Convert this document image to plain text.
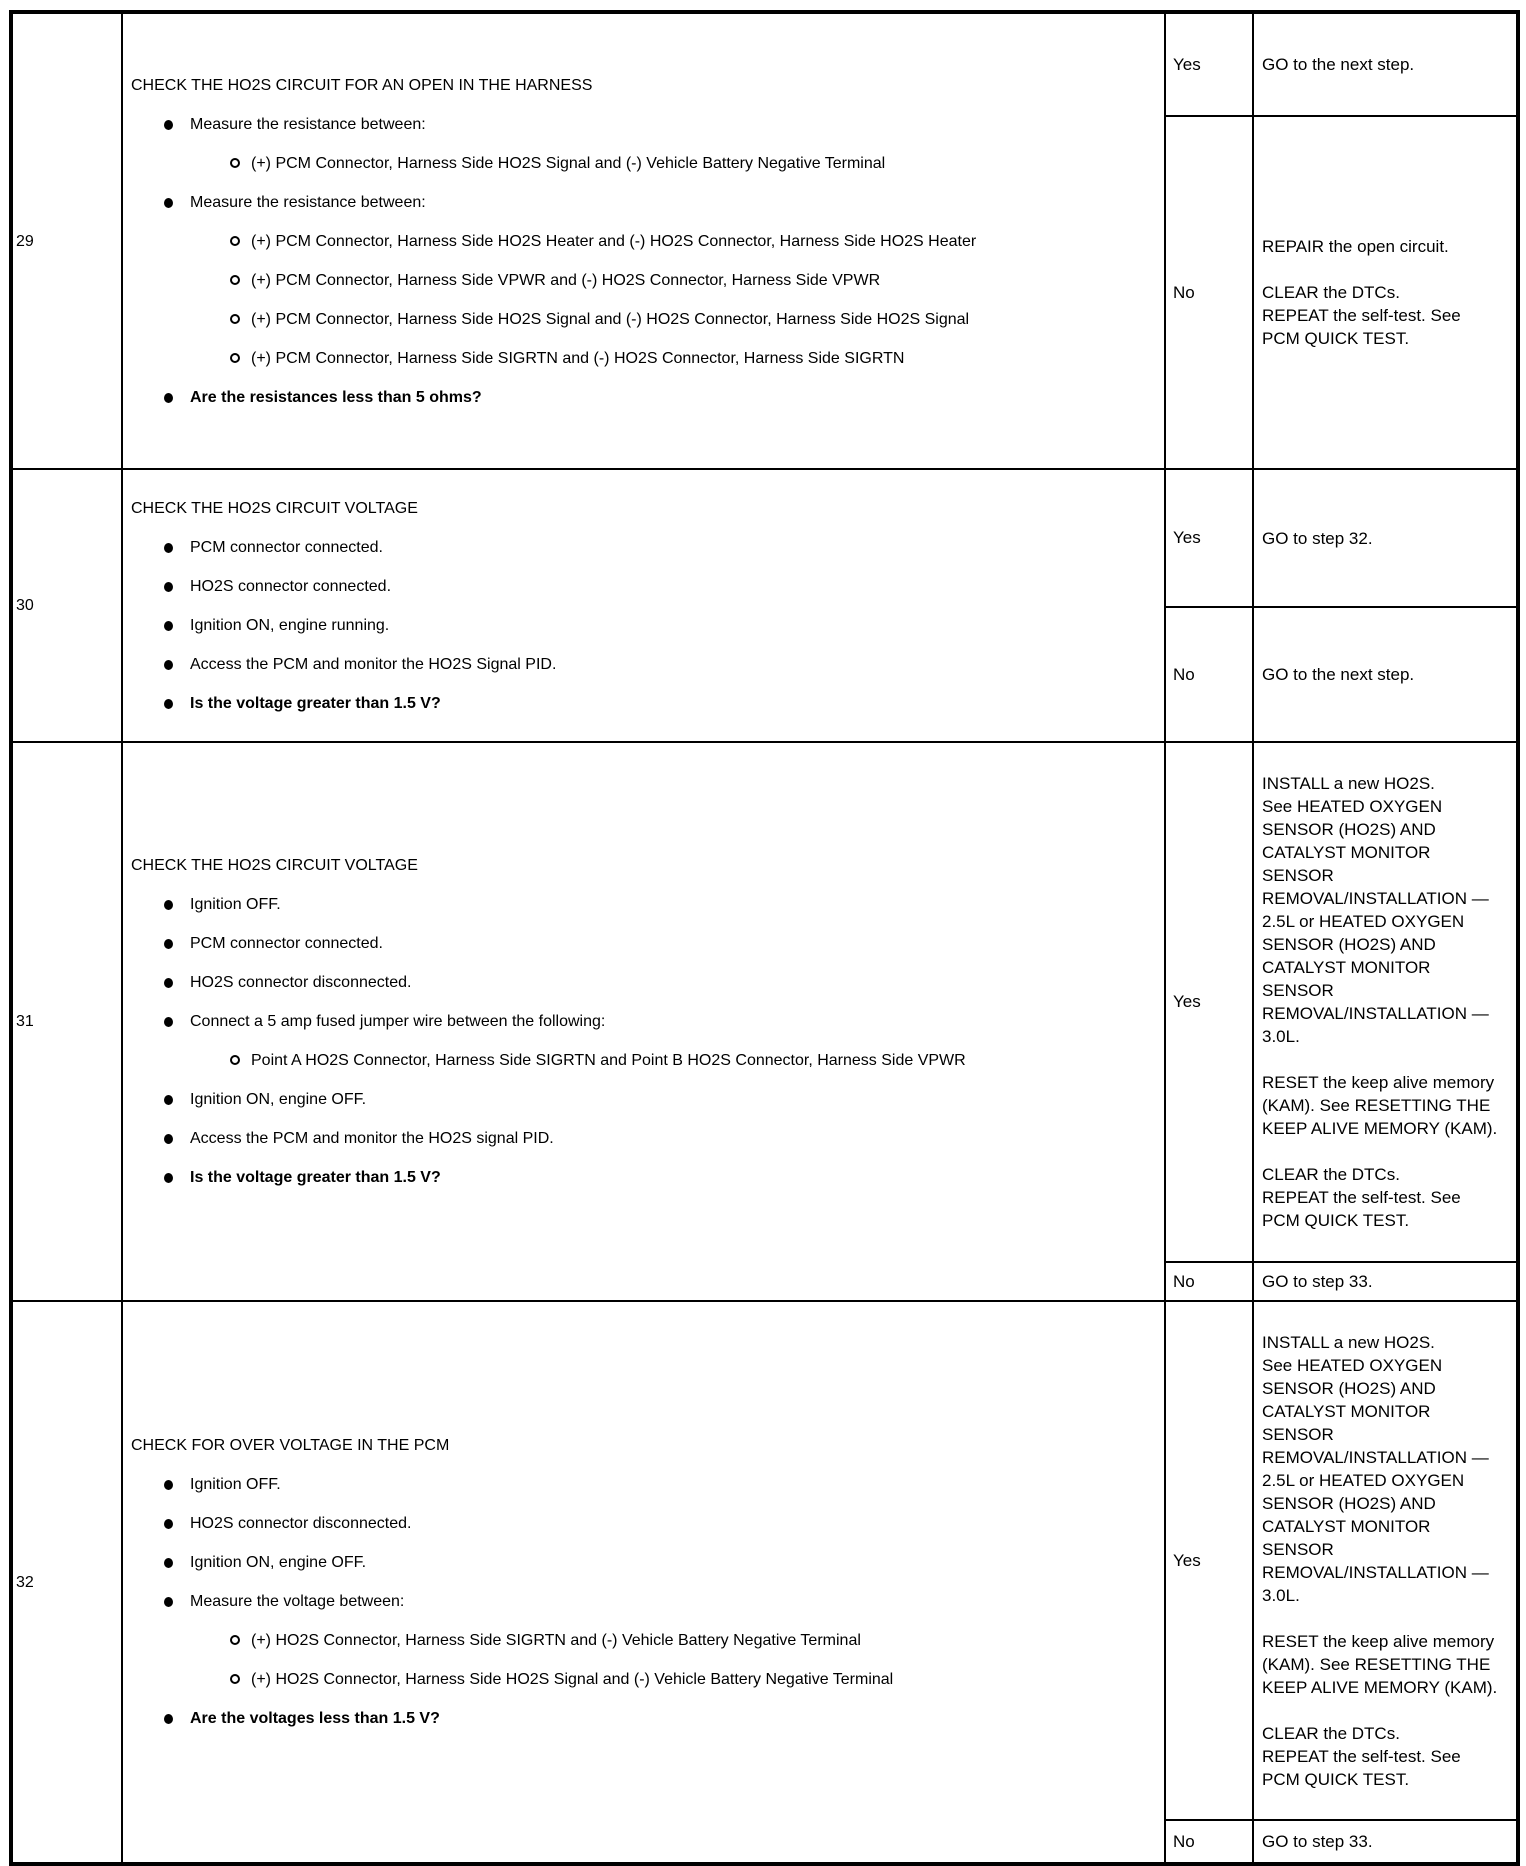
29	
CHECK THE HO2S CIRCUIT FOR AN OPEN IN THE HARNESS
Measure the resistance between:
(+) PCM Connector, Harness Side HO2S Signal and (-) Vehicle Battery Negative Terminal
Measure the resistance between:
(+) PCM Connector, Harness Side HO2S Heater and (-) HO2S Connector, Harness Side HO2S Heater
(+) PCM Connector, Harness Side VPWR and (-) HO2S Connector, Harness Side VPWR
(+) PCM Connector, Harness Side HO2S Signal and (-) HO2S Connector, Harness Side HO2S Signal
(+) PCM Connector, Harness Side SIGRTN and (-) HO2S Connector, Harness Side SIGRTN
Are the resistances less than 5 ohms?
	Yes	GO to the next step.

		No	REPAIR the open circuit.
CLEAR the DTCs.
REPEAT the self-test. See PCM QUICK TEST.

30	
CHECK THE HO2S CIRCUIT VOLTAGE
PCM connector connected.
HO2S connector connected.
Ignition ON, engine running.
Access the PCM and monitor the HO2S Signal PID.
Is the voltage greater than 1.5 V?
	Yes	GO to step 32.

		No	GO to the next step.

31	
CHECK THE HO2S CIRCUIT VOLTAGE
Ignition OFF.
PCM connector connected.
HO2S connector disconnected.
Connect a 5 amp fused jumper wire between the following:
Point A HO2S Connector, Harness Side SIGRTN and Point B HO2S Connector, Harness Side VPWR
Ignition ON, engine OFF.
Access the PCM and monitor the HO2S signal PID.
Is the voltage greater than 1.5 V?
	Yes	
INSTALL a new HO2S.
See HEATED OXYGEN SENSOR (HO2S) AND CATALYST MONITOR SENSOR REMOVAL/INSTALLATION — 2.5L or HEATED OXYGEN SENSOR (HO2S) AND CATALYST MONITOR SENSOR REMOVAL/INSTALLATION — 3.0L.
RESET the keep alive memory (KAM). See RESETTING THE KEEP ALIVE MEMORY (KAM).
CLEAR the DTCs.
REPEAT the self-test. See PCM QUICK TEST.

		No	GO to step 33.

32	
CHECK FOR OVER VOLTAGE IN THE PCM
Ignition OFF.
HO2S connector disconnected.
Ignition ON, engine OFF.
Measure the voltage between:
(+) HO2S Connector, Harness Side SIGRTN and (-) Vehicle Battery Negative Terminal
(+) HO2S Connector, Harness Side HO2S Signal and (-) Vehicle Battery Negative Terminal
Are the voltages less than 1.5 V?
	Yes	
INSTALL a new HO2S.
See HEATED OXYGEN SENSOR (HO2S) AND CATALYST MONITOR SENSOR REMOVAL/INSTALLATION — 2.5L or HEATED OXYGEN SENSOR (HO2S) AND CATALYST MONITOR SENSOR REMOVAL/INSTALLATION — 3.0L.
RESET the keep alive memory (KAM). See RESETTING THE KEEP ALIVE MEMORY (KAM).
CLEAR the DTCs.
REPEAT the self-test. See PCM QUICK TEST.

		No	GO to step 33.
